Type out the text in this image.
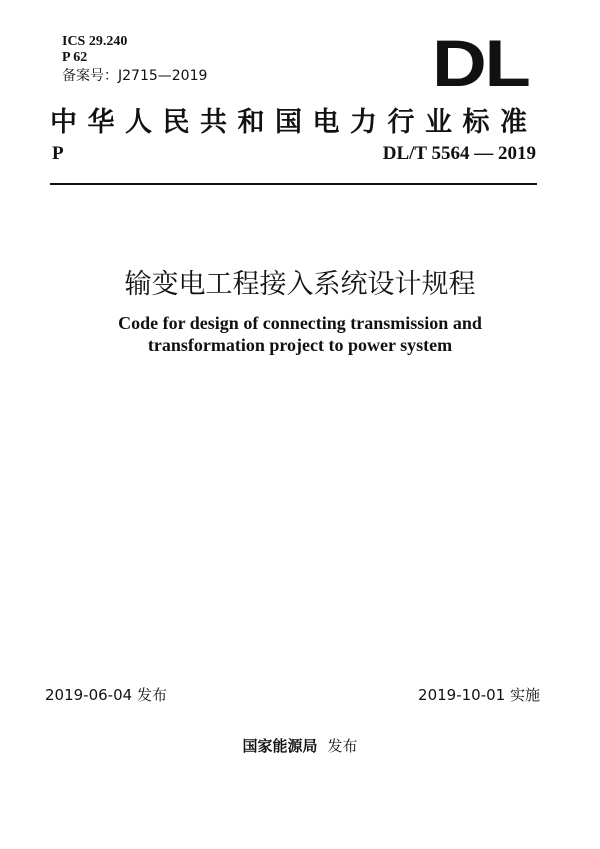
ICS 29.240
P 62
备案号：J2715—2019	DL
中华人民共和国电力行业标准
P	DL/T 5564 — 2019
输变电工程接入系统设计规程
Code for design of connecting transmission and
transformation project to power system
2019-06-04 发布	2019-10-01 实施
国家能源局 发布
